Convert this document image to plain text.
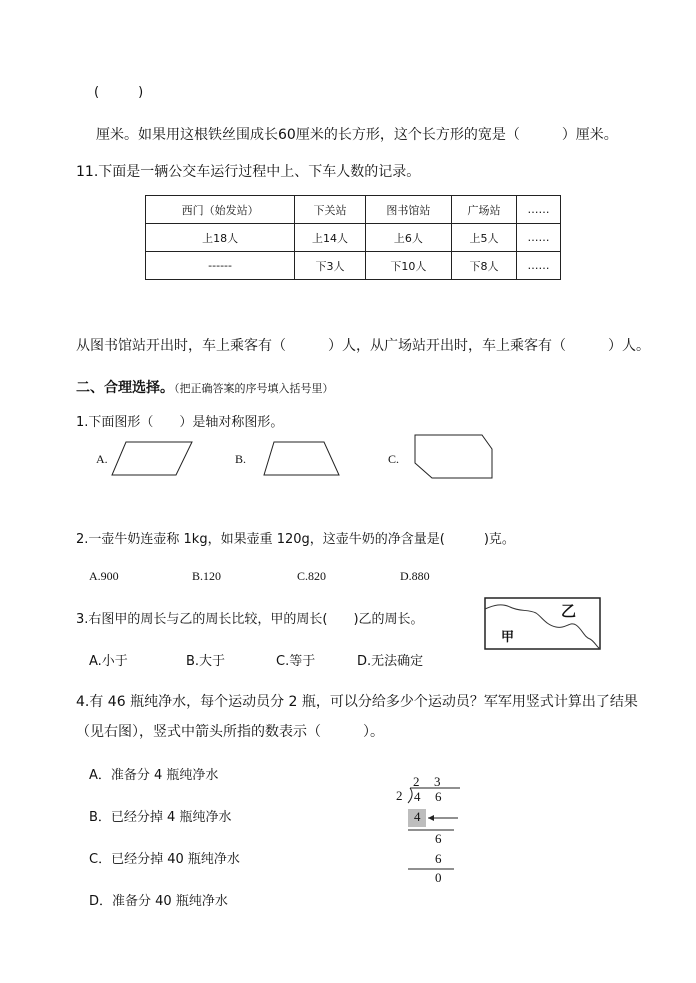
(　　　)
厘米。如果用这根铁丝围成长60厘米的长方形，这个长方形的宽是（　　　）厘米。
11.下面是一辆公交车运行过程中上、下车人数的记录。
西门（始发站）	下关站	图书馆站	广场站	……
上18人	上14人	上6人	上5人	……
------	下3人	下10人	下8人	……
从图书馆站开出时，车上乘客有（　　　）人，从广场站开出时，车上乘客有（　　　）人。
二、合理选择。（把正确答案的序号填入括号里）
1.下面图形（　　）是轴对称图形。
A.	B.	C.
2.一壶牛奶连壶称 1kg，如果壶重 120g，这壶牛奶的净含量是(　　　)克。
A.900	B.120	C.820	D.880
3.右图甲的周长与乙的周长比较，甲的周长(　　)乙的周长。
甲
乙
A.小于	B.大于	C.等于	D.无法确定
4.有 46 瓶纯净水，每个运动员分 2 瓶，可以分给多少个运动员？军军用竖式计算出了结果
（见右图），竖式中箭头所指的数表示（　　　）。
A．准备分 4 瓶纯净水
B．已经分掉 4 瓶纯净水
C．已经分掉 40 瓶纯净水
D．准备分 40 瓶纯净水
2 3
2 4 6
4
6
6
0
